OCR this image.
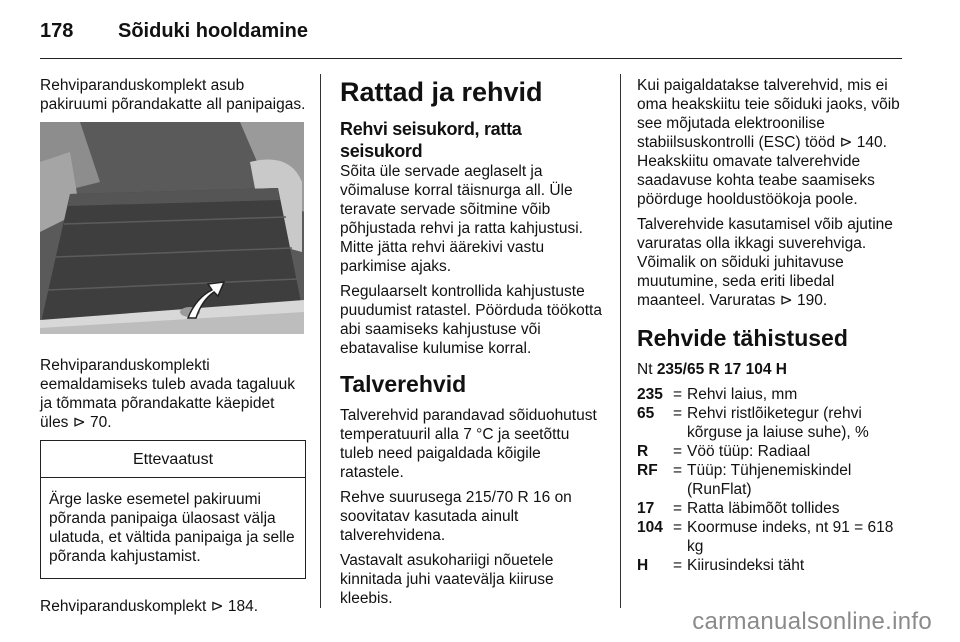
178 Sõiduki hooldamine

Rehviparanduskomplekt asub pakiruumi põrandakatte all panipaigas.

Rehviparanduskomplekti eemaldamiseks tuleb avada tagaluuk ja tõmmata põrandakatte käepidet üles ⊳ 70.

Ettevaatust
Ärge laske esemetel pakiruumi põranda panipaiga ülaosast välja ulatuda, et vältida panipaiga ja selle põranda kahjustamist.

Rehviparanduskomplekt ⊳ 184.

Rattad ja rehvid
Rehvi seisukord, ratta seisukord

Sõita üle servade aeglaselt ja võimaluse korral täisnurga all. Üle teravate servade sõitmine võib põhjustada rehvi ja ratta kahjustusi. Mitte jätta rehvi äärekivi vastu parkimise ajaks.

Regulaarselt kontrollida kahjustuste puudumist ratastel. Pöörduda töökotta abi saamiseks kahjustuse või ebatavalise kulumise korral.

Talverehvid

Talverehvid parandavad sõiduohutust temperatuuril alla 7 °C ja seetõttu tuleb need paigaldada kõigile ratastele.

Rehve suurusega 215/70 R 16 on soovitatav kasutada ainult talverehvidena.

Vastavalt asukohariigi nõuetele kinnitada juhi vaatevälja kiiruse kleebis.

Kui paigaldatakse talverehvid, mis ei oma heakskiitu teie sõiduki jaoks, võib see mõjutada elektroonilise stabiilsuskontrolli (ESC) tööd ⊳ 140. Heakskiitu omavate talverehvide saadavuse kohta teabe saamiseks pöörduge hooldustöökoja poole.

Talverehvide kasutamisel võib ajutine varuratas olla ikkagi suverehviga. Võimalik on sõiduki juhitavuse muutumine, seda eriti libedal maanteel. Varuratas ⊳ 190.

Rehvide tähistused
Nt 235/65 R 17 104 H
235	=	Rehvi laius, mm
65	=	Rehvi ristlõiketegur (rehvi kõrguse ja laiuse suhe), %
R	=	Vöö tüüp: Radiaal
RF	=	Tüüp: Tühjenemiskindel (RunFlat)
17	=	Ratta läbimõõt tollides
104	=	Koormuse indeks, nt 91 = 618 kg
H	=	Kiirusindeksi täht
carmanualsonline.info
